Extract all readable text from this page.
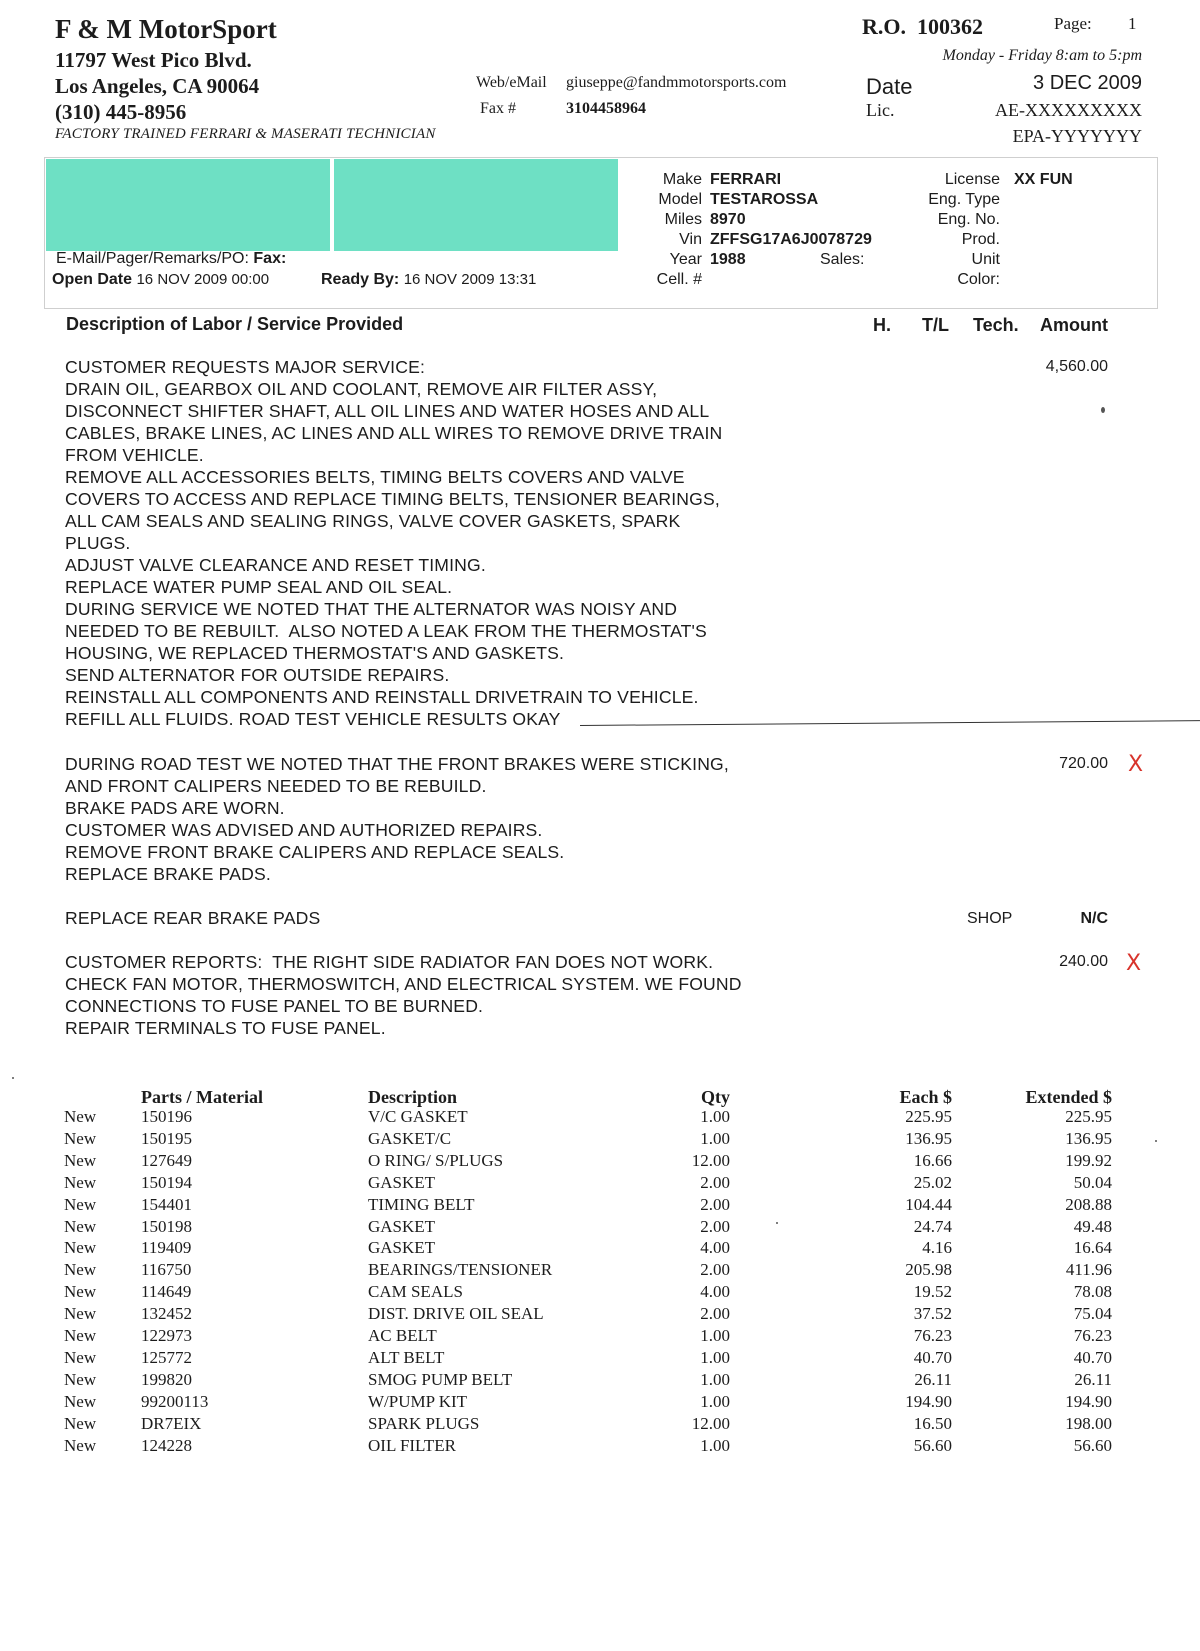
F & M MotorSport
11797 West Pico Blvd.
Los Angeles, CA 90064
(310) 445-8956
FACTORY TRAINED FERRARI & MASERATI TECHNICIAN
Web/eMail giuseppe@fandmmotorsports.com
Fax #	3104458964
R.O. 100362	Page: 1
Monday - Friday 8:am to 5:pm
Date	3 DEC 2009
Lic.	AE-XXXXXXXXX
EPA-YYYYYYY
E-Mail/Pager/Remarks/PO: Fax:
Open Date 16 NOV 2009 00:00	Ready By: 16 NOV 2009 13:31
Make FERRARI
Model TESTAROSSA
Miles 8970
Vin ZFFSG17A6J0078729
Year 1988	Sales:
Cell. #
License XX FUN
Eng. Type
Eng. No.
Prod.
Unit
Color:
Description of Labor / Service Provided	H. T/L Tech. Amount
CUSTOMER REQUESTS MAJOR SERVICE:
DRAIN OIL, GEARBOX OIL AND COOLANT, REMOVE AIR FILTER ASSY,
DISCONNECT SHIFTER SHAFT, ALL OIL LINES AND WATER HOSES AND ALL
CABLES, BRAKE LINES, AC LINES AND ALL WIRES TO REMOVE DRIVE TRAIN
FROM VEHICLE.
REMOVE ALL ACCESSORIES BELTS, TIMING BELTS COVERS AND VALVE
COVERS TO ACCESS AND REPLACE TIMING BELTS, TENSIONER BEARINGS,
ALL CAM SEALS AND SEALING RINGS, VALVE COVER GASKETS, SPARK
PLUGS.
ADJUST VALVE CLEARANCE AND RESET TIMING.
REPLACE WATER PUMP SEAL AND OIL SEAL.
DURING SERVICE WE NOTED THAT THE ALTERNATOR WAS NOISY AND
NEEDED TO BE REBUILT.  ALSO NOTED A LEAK FROM THE THERMOSTAT'S
HOUSING, WE REPLACED THERMOSTAT'S AND GASKETS.
SEND ALTERNATOR FOR OUTSIDE REPAIRS.
REINSTALL ALL COMPONENTS AND REINSTALL DRIVETRAIN TO VEHICLE.
REFILL ALL FLUIDS. ROAD TEST VEHICLE RESULTS OKAY
4,560.00
DURING ROAD TEST WE NOTED THAT THE FRONT BRAKES WERE STICKING,
AND FRONT CALIPERS NEEDED TO BE REBUILD.
BRAKE PADS ARE WORN.
CUSTOMER WAS ADVISED AND AUTHORIZED REPAIRS.
REMOVE FRONT BRAKE CALIPERS AND REPLACE SEALS.
REPLACE BRAKE PADS.
720.00 X
REPLACE REAR BRAKE PADS	SHOP	N/C
CUSTOMER REPORTS:  THE RIGHT SIDE RADIATOR FAN DOES NOT WORK.
CHECK FAN MOTOR, THERMOSWITCH, AND ELECTRICAL SYSTEM. WE FOUND
CONNECTIONS TO FUSE PANEL TO BE BURNED.
REPAIR TERMINALS TO FUSE PANEL.
240.00 X
Parts / Material	Description	Qty	Each $	Extended $
New	150196	V/C GASKET	1.00	225.95	225.95
New	150195	GASKET/C	1.00	136.95	136.95
New	127649	O RING/ S/PLUGS	12.00	16.66	199.92
New	150194	GASKET	2.00	25.02	50.04
New	154401	TIMING BELT	2.00	104.44	208.88
New	150198	GASKET	2.00	24.74	49.48
New	119409	GASKET	4.00	4.16	16.64
New	116750	BEARINGS/TENSIONER	2.00	205.98	411.96
New	114649	CAM SEALS	4.00	19.52	78.08
New	132452	DIST. DRIVE OIL SEAL	2.00	37.52	75.04
New	122973	AC BELT	1.00	76.23	76.23
New	125772	ALT BELT	1.00	40.70	40.70
New	199820	SMOG PUMP BELT	1.00	26.11	26.11
New	99200113	W/PUMP KIT	1.00	194.90	194.90
New	DR7EIX	SPARK PLUGS	12.00	16.50	198.00
New	124228	OIL FILTER	1.00	56.60	56.60
